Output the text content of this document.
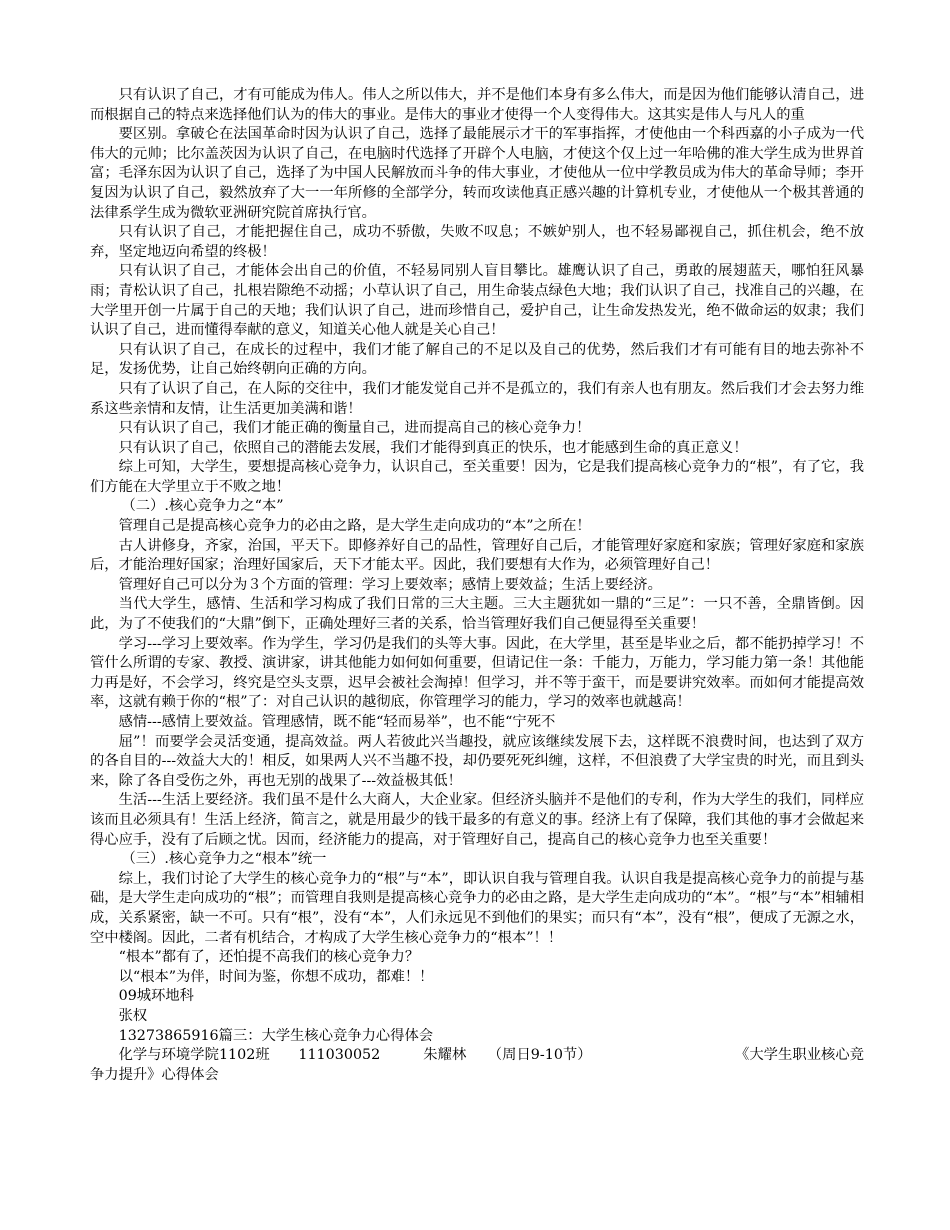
只有认识了自己，才有可能成为伟人。伟人之所以伟大，并不是他们本身有多么伟大，而是因为他们能够认清自己，进而根据自己的特点来选择他们认为的伟大的事业。是伟大的事业才使得一个人变得伟大。这其实是伟人与凡人的重

要区别。拿破仑在法国革命时因为认识了自己，选择了最能展示才干的军事指挥，才使他由一个科西嘉的小子成为一代伟大的元帅；比尔盖茨因为认识了自己，在电脑时代选择了开辟个人电脑，才使这个仅上过一年哈佛的准大学生成为世界首富；毛泽东因为认识了自己，选择了为中国人民解放而斗争的伟大事业，才使他从一位中学教员成为伟大的革命导师；李开复因为认识了自己，毅然放弃了大一一年所修的全部学分，转而攻读他真正感兴趣的计算机专业，才使他从一个极其普通的法律系学生成为微软亚洲研究院首席执行官。

只有认识了自己，才能把握住自己，成功不骄傲，失败不叹息；不嫉妒别人，也不轻易鄙视自己，抓住机会，绝不放弃，坚定地迈向希望的终极！

只有认识了自己，才能体会出自己的价值，不轻易同别人盲目攀比。雄鹰认识了自己，勇敢的展翅蓝天，哪怕狂风暴雨；青松认识了自己，扎根岩隙绝不动摇；小草认识了自己，用生命装点绿色大地；我们认识了自己，找准自己的兴趣，在大学里开创一片属于自己的天地；我们认识了自己，进而珍惜自己，爱护自己，让生命发热发光，绝不做命运的奴隶；我们认识了自己，进而懂得奉献的意义，知道关心他人就是关心自己！

只有认识了自己，在成长的过程中，我们才能了解自己的不足以及自己的优势，然后我们才有可能有目的地去弥补不足，发扬优势，让自己始终朝向正确的方向。

只有了认识了自己，在人际的交往中，我们才能发觉自己并不是孤立的，我们有亲人也有朋友。然后我们才会去努力维系这些亲情和友情，让生活更加美满和谐！

只有认识了自己，我们才能正确的衡量自己，进而提高自己的核心竞争力！

只有认识了自己，依照自己的潜能去发展，我们才能得到真正的快乐，也才能感到生命的真正意义！

综上可知，大学生，要想提高核心竞争力，认识自己，至关重要！因为，它是我们提高核心竞争力的“根”，有了它，我们方能在大学里立于不败之地！

（二）.核心竞争力之“本”

管理自己是提高核心竞争力的必由之路，是大学生走向成功的“本”之所在！

古人讲修身，齐家，治国，平天下。即修养好自己的品性，管理好自己后，才能管理好家庭和家族；管理好家庭和家族后，才能治理好国家；治理好国家后，天下才能太平。因此，我们要想有大作为，必须管理好自己！

管理好自己可以分为３个方面的管理：学习上要效率；感情上要效益；生活上要经济。

当代大学生，感情、生活和学习构成了我们日常的三大主题。三大主题犹如一鼎的“三足”：一只不善，全鼎皆倒。因此，为了不使我们的“大鼎”倒下，正确处理好三者的关系，恰当管理好我们自己便显得至关重要！

学习---学习上要效率。作为学生，学习仍是我们的头等大事。因此，在大学里，甚至是毕业之后，都不能扔掉学习！不管什么所谓的专家、教授、演讲家，讲其他能力如何如何重要，但请记住一条：千能力，万能力，学习能力第一条！其他能力再是好，不会学习，终究是空头支票，迟早会被社会淘掉！但学习，并不等于蛮干，而是要讲究效率。而如何才能提高效率，这就有赖于你的“根”了：对自己认识的越彻底，你管理学习的能力，学习的效率也就越高！

感情---感情上要效益。管理感情，既不能“轻而易举”，也不能“宁死不

屈”！而要学会灵活变通，提高效益。两人若彼此兴当趣投，就应该继续发展下去，这样既不浪费时间，也达到了双方的各自目的---效益大大的！相反，如果两人兴不当趣不投，却仍要死死纠缠，这样，不但浪费了大学宝贵的时光，而且到头来，除了各自受伤之外，再也无别的战果了---效益极其低！

生活---生活上要经济。我们虽不是什么大商人，大企业家。但经济头脑并不是他们的专利，作为大学生的我们，同样应该而且必须具有！生活上经济，简言之，就是用最少的钱干最多的有意义的事。经济上有了保障，我们其他的事才会做起来得心应手，没有了后顾之忧。因而，经济能力的提高，对于管理好自己，提高自己的核心竞争力也至关重要！

（三）.核心竞争力之“根本”统一

综上，我们讨论了大学生的核心竞争力的“根”与“本”，即认识自我与管理自我。认识自我是提高核心竞争力的前提与基础，是大学生走向成功的“根”；而管理自我则是提高核心竞争力的必由之路，是大学生走向成功的“本”。“根”与“本”相辅相成，关系紧密，缺一不可。只有“根”，没有“本”，人们永远见不到他们的果实；而只有“本”，没有“根”，便成了无源之水，空中楼阁。因此，二者有机结合，才构成了大学生核心竞争力的“根本”！！

“根本”都有了，还怕提不高我们的核心竞争力？

以“根本”为伴，时间为鉴，你想不成功，都难！！

09城环地科

张权

13273865916篇三：大学生核心竞争力心得体会

化学与环境学院1102班　　111030052　　　朱耀林　　（周日9-10节）　　　　　　　　　　　《大学生职业核心竞争力提升》心得体会
